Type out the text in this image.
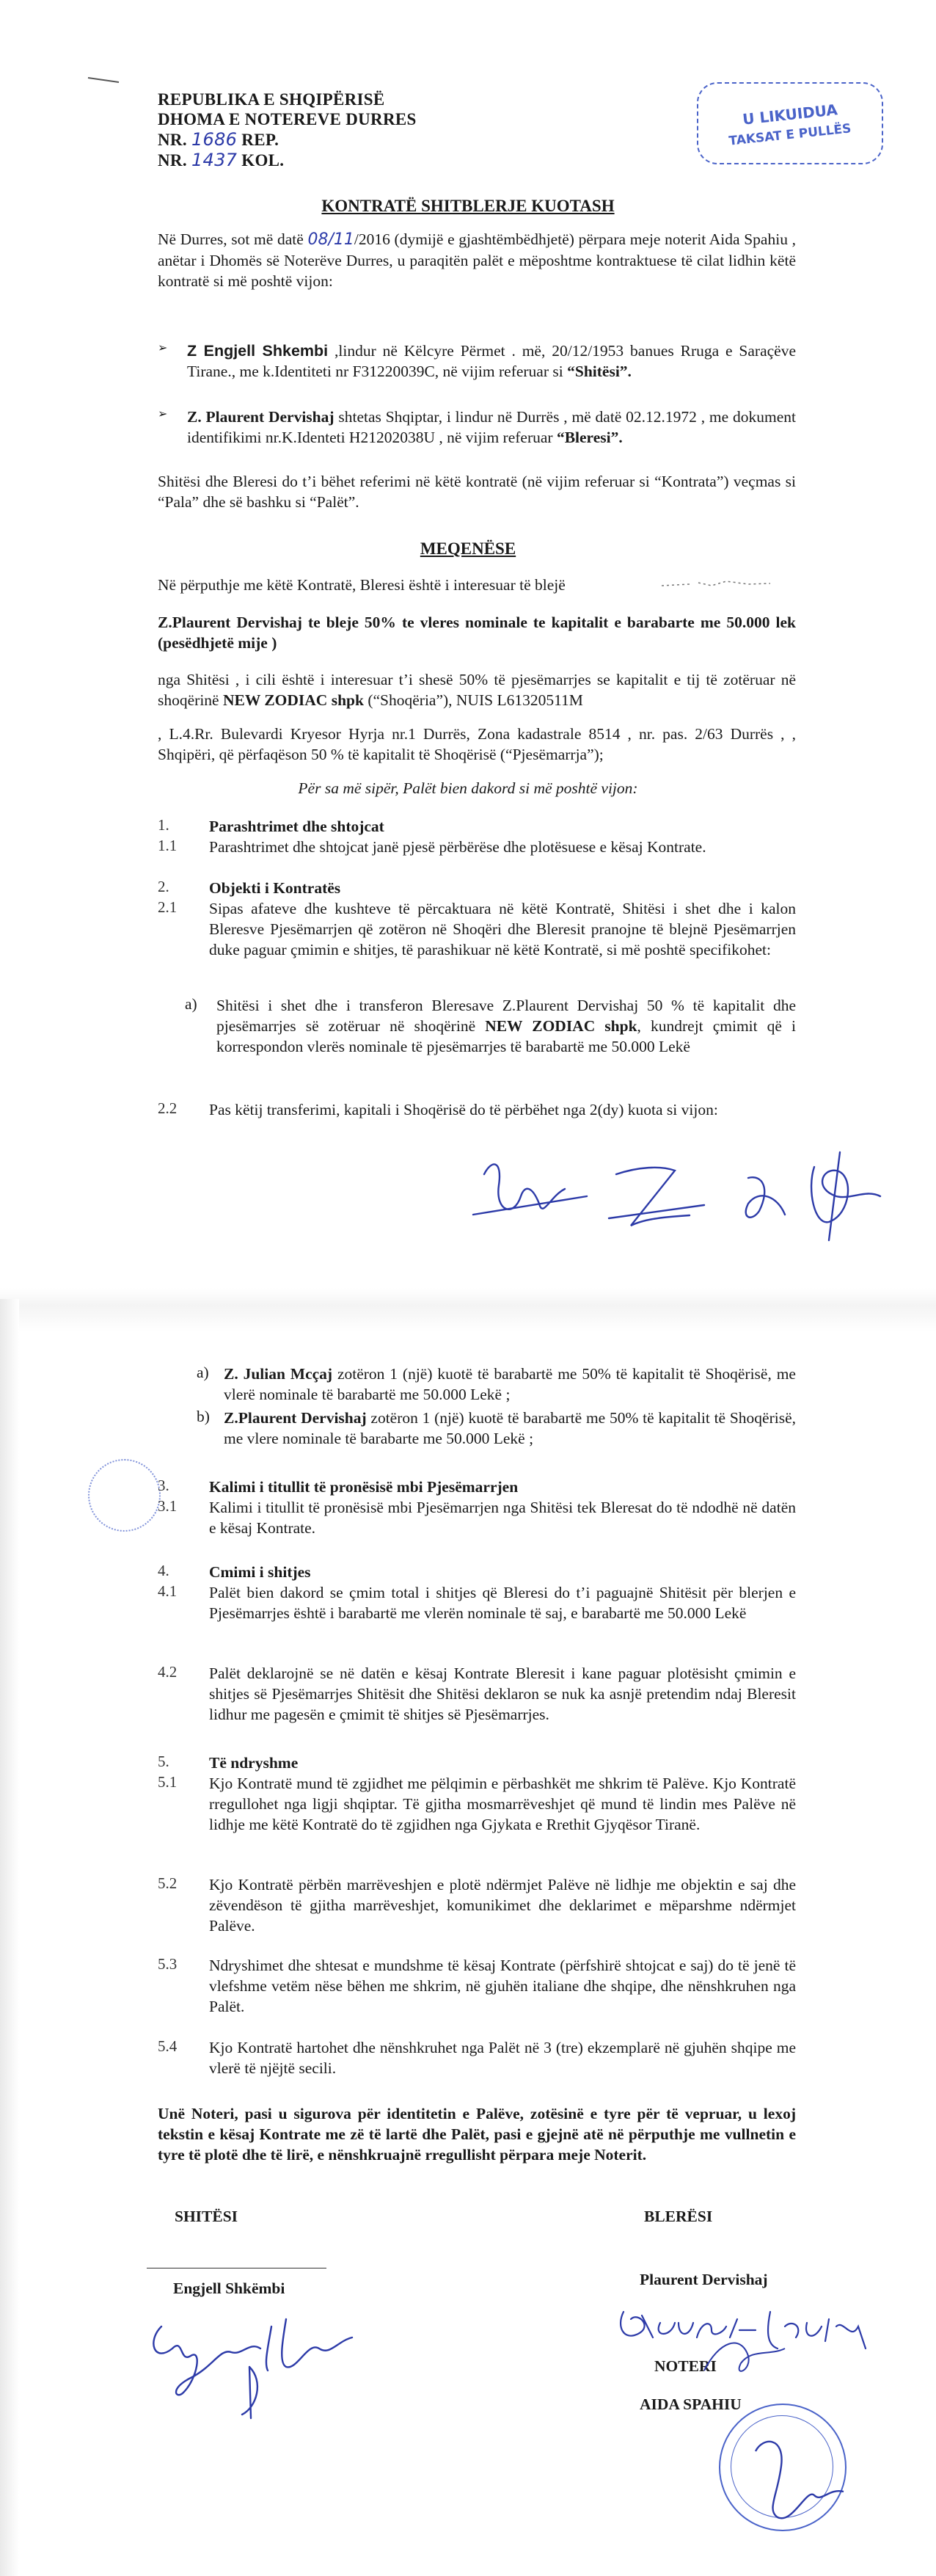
REPUBLIKA E SHQIPËRISË
DHOMA E NOTEREVE DURRES
NR. 1686 REP.
NR. 1437 KOL.
U LIKUIDUA
TAKSAT E PULLËS
KONTRATË SHITBLERJE KUOTASH

Në Durres, sot më datë 08/11/2016 (dymijë e gjashtëmbëdhjetë) përpara meje noterit Aida Spahiu , anëtar i Dhomës së Noterëve Durres, u paraqitën palët e mëposhtme kontraktuese të cilat lidhin këtë kontratë si më poshtë vijon:

➢ Z Engjell Shkembi ,lindur në Këlcyre Përmet . më, 20/12/1953 banues Rruga e Saraçëve Tirane., me k.Identiteti nr F31220039C, në vijim referuar si “Shitësi”.

➢ Z. Plaurent Dervishaj shtetas Shqiptar, i lindur në Durrës , më datë 02.12.1972 , me dokument identifikimi nr.K.Identeti H21202038U , në vijim referuar “Bleresi”.

Shitësi dhe Bleresi do t’i bëhet referimi në këtë kontratë (në vijim referuar si “Kontrata”) veçmas si “Pala” dhe së bashku si “Palët”.

MEQENËSE

Në përputhje me këtë Kontratë, Bleresi është i interesuar të blejë

Z.Plaurent Dervishaj te bleje 50% te vleres nominale te kapitalit e barabarte me 50.000 lek (pesëdhjetë mije )

nga Shitësi , i cili është i interesuar t’i shesë 50% të pjesëmarrjes se kapitalit e tij të zotëruar në shoqërinë NEW ZODIAC shpk (“Shoqëria”), NUIS L61320511M

, L.4.Rr. Bulevardi Kryesor Hyrja nr.1 Durrës, Zona kadastrale 8514 , nr. pas. 2/63 Durrës , , Shqipëri, që përfaqëson 50 % të kapitalit të Shoqërisë (“Pjesëmarrja”);

Për sa më sipër, Palët bien dakord si më poshtë vijon:
1.	Parashtrimet dhe shtojcat
1.1 Parashtrimet dhe shtojcat janë pjesë përbërëse dhe plotësuese e kësaj Kontrate.

2.	Objekti i Kontratës
2.1 Sipas afateve dhe kushteve të përcaktuara në këtë Kontratë, Shitësi i shet dhe i kalon Bleresve Pjesëmarrjen që zotëron në Shoqëri dhe Bleresit pranojne të blejnë Pjesëmarrjen duke paguar çmimin e shitjes, të parashikuar në këtë Kontratë, si më poshtë specifikohet:

a) Shitësi i shet dhe i transferon Bleresave Z.Plaurent Dervishaj 50 % të kapitalit dhe pjesëmarrjes së zotëruar në shoqërinë NEW ZODIAC shpk, kundrejt çmimit që i korrespondon vlerës nominale të pjesëmarrjes të barabartë me 50.000 Lekë

2.2 Pas këtij transferimi, kapitali i Shoqërisë do të përbëhet nga 2(dy) kuota si vijon:

a) Z. Julian Mcçaj zotëron 1 (një) kuotë të barabartë me 50% të kapitalit të Shoqërisë, me vlerë nominale të barabartë me 50.000 Lekë ;

b) Z.Plaurent Dervishaj zotëron 1 (një) kuotë të barabartë me 50% të kapitalit të Shoqërisë, me vlere nominale të barabarte me 50.000 Lekë ;

3.	Kalimi i titullit të pronësisë mbi Pjesëmarrjen
3.1 Kalimi i titullit të pronësisë mbi Pjesëmarrjen nga Shitësi tek Bleresat do të ndodhë në datën e kësaj Kontrate.

4.	Cmimi i shitjes
4.1 Palët bien dakord se çmim total i shitjes që Bleresi do t’i paguajnë Shitësit për blerjen e Pjesëmarrjes është i barabartë me vlerën nominale të saj, e barabartë me 50.000 Lekë

4.2 Palët deklarojnë se në datën e kësaj Kontrate Bleresit i kane paguar plotësisht çmimin e shitjes së Pjesëmarrjes Shitësit dhe Shitësi deklaron se nuk ka asnjë pretendim ndaj Bleresit lidhur me pagesën e çmimit të shitjes së Pjesëmarrjes.

5.	Të ndryshme
5.1 Kjo Kontratë mund të zgjidhet me pëlqimin e përbashkët me shkrim të Palëve. Kjo Kontratë rregullohet nga ligji shqiptar. Të gjitha mosmarrëveshjet që mund të lindin mes Palëve në lidhje me këtë Kontratë do të zgjidhen nga Gjykata e Rrethit Gjyqësor Tiranë.

5.2 Kjo Kontratë përbën marrëveshjen e plotë ndërmjet Palëve në lidhje me objektin e saj dhe zëvendëson të gjitha marrëveshjet, komunikimet dhe deklarimet e mëparshme ndërmjet Palëve.

5.3 Ndryshimet dhe shtesat e mundshme të kësaj Kontrate (përfshirë shtojcat e saj) do të jenë të vlefshme vetëm nëse bëhen me shkrim, në gjuhën italiane dhe shqipe, dhe nënshkruhen nga Palët.

5.4 Kjo Kontratë hartohet dhe nënshkruhet nga Palët në 3 (tre) ekzemplarë në gjuhën shqipe me vlerë të njëjtë secili.

Unë Noteri, pasi u sigurova për identitetin e Palëve, zotësinë e tyre për të vepruar, u lexoj tekstin e kësaj Kontrate me zë të lartë dhe Palët, pasi e gjejnë atë në përputhje me vullnetin e tyre të plotë dhe të lirë, e nënshkruajnë rregullisht përpara meje Noterit.

SHITËSI	BLERËSI
Engjell Shkëmbi	Plaurent Dervishaj
NOTERI
AIDA SPAHIU
